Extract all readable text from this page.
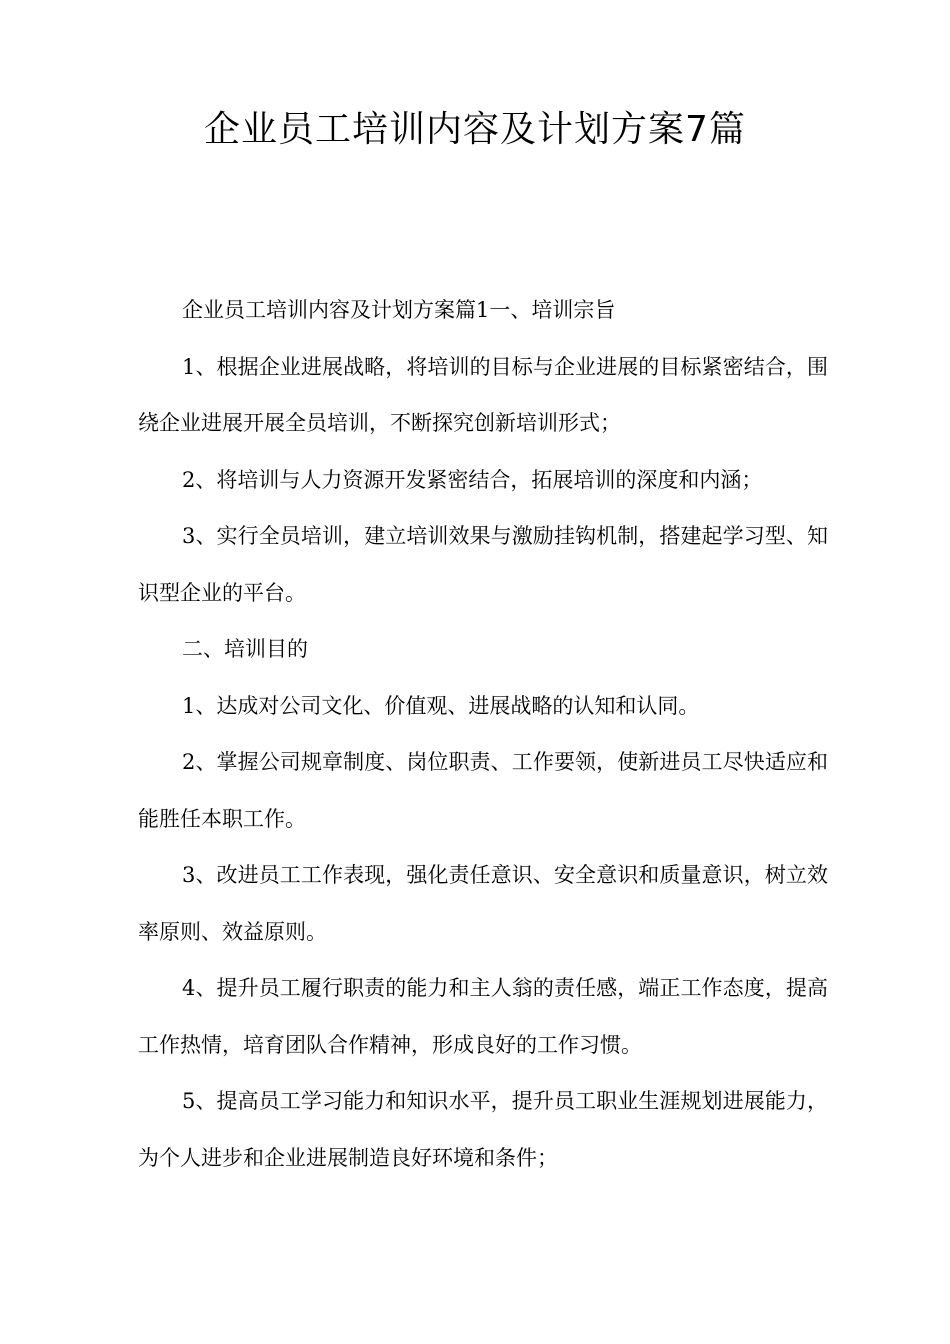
企业员工培训内容及计划方案7篇

企业员工培训内容及计划方案篇1一、培训宗旨

1、根据企业进展战略，将培训的目标与企业进展的目标紧密结合，围绕企业进展开展全员培训，不断探究创新培训形式；

2、将培训与人力资源开发紧密结合，拓展培训的深度和内涵；

3、实行全员培训，建立培训效果与激励挂钩机制，搭建起学习型、知识型企业的平台。

二、培训目的

1、达成对公司文化、价值观、进展战略的认知和认同。

2、掌握公司规章制度、岗位职责、工作要领，使新进员工尽快适应和能胜任本职工作。

3、改进员工工作表现，强化责任意识、安全意识和质量意识，树立效率原则、效益原则。

4、提升员工履行职责的能力和主人翁的责任感，端正工作态度，提高工作热情，培育团队合作精神，形成良好的工作习惯。

5、提高员工学习能力和知识水平，提升员工职业生涯规划进展能力，为个人进步和企业进展制造良好环境和条件；
